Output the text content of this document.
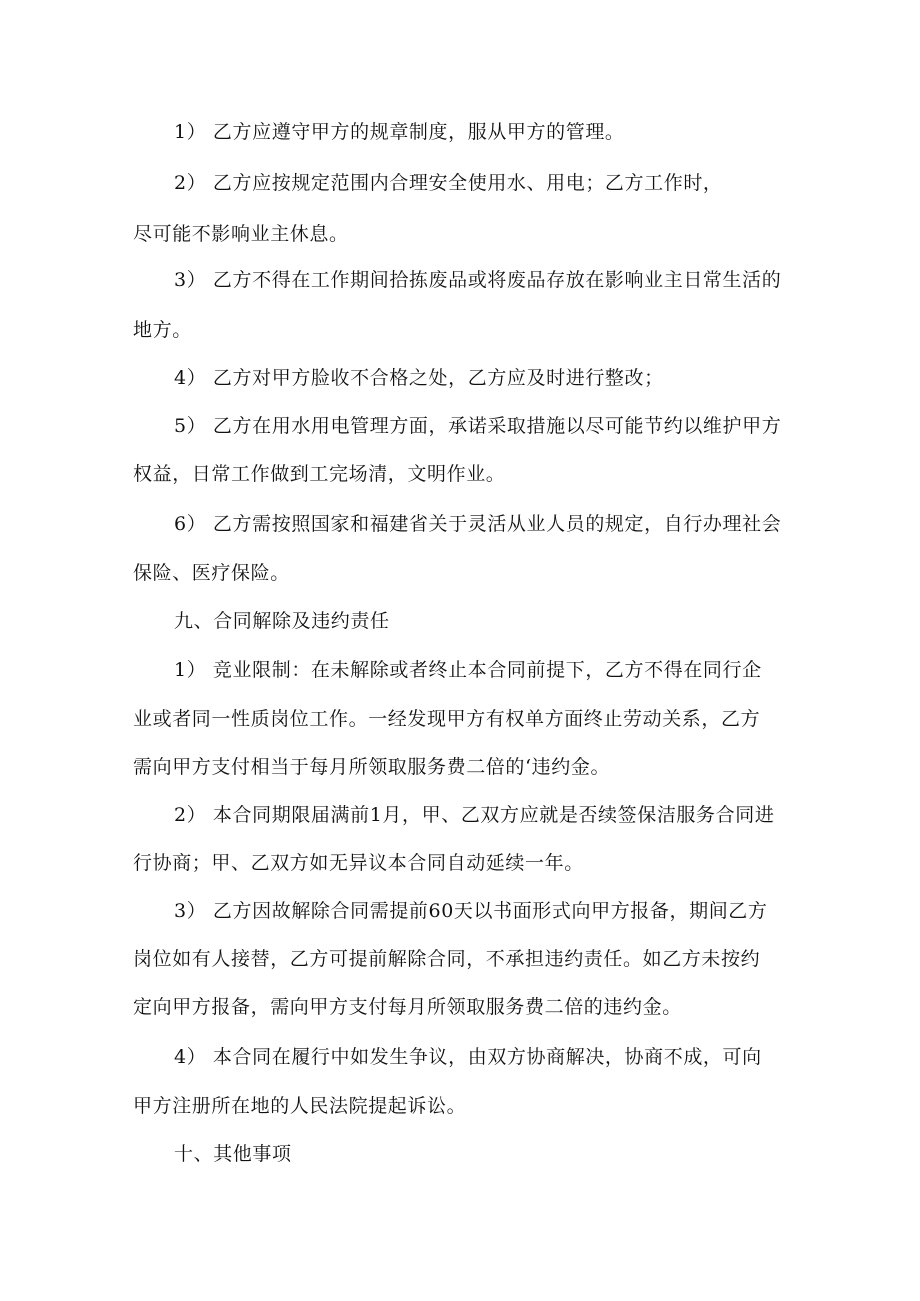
1） 乙方应遵守甲方的规章制度，服从甲方的管理。
2） 乙方应按规定范围内合理安全使用水、用电；乙方工作时，
尽可能不影响业主休息。
3） 乙方不得在工作期间拾拣废品或将废品存放在影响业主日常生活的
地方。
4） 乙方对甲方脸收不合格之处，乙方应及时进行整改；
5） 乙方在用水用电管理方面，承诺采取措施以尽可能节约以维护甲方
权益，日常工作做到工完场清，文明作业。
6） 乙方需按照国家和福建省关于灵活从业人员的规定，自行办理社会
保险、医疗保险。
九、合同解除及违约责任
1） 竞业限制：在未解除或者终止本合同前提下，乙方不得在同行企
业或者同一性质岗位工作。一经发现甲方有权单方面终止劳动关系，乙方
需向甲方支付相当于每月所领取服务费二倍的‘违约金。
2） 本合同期限届满前1月，甲、乙双方应就是否续签保洁服务合同进
行协商；甲、乙双方如无异议本合同自动延续一年。
3） 乙方因故解除合同需提前60天以书面形式向甲方报备，期间乙方
岗位如有人接替，乙方可提前解除合同，不承担违约责任。如乙方未按约
定向甲方报备，需向甲方支付每月所领取服务费二倍的违约金。
4） 本合同在履行中如发生争议，由双方协商解决，协商不成，可向
甲方注册所在地的人民法院提起诉讼。
十、其他事项
